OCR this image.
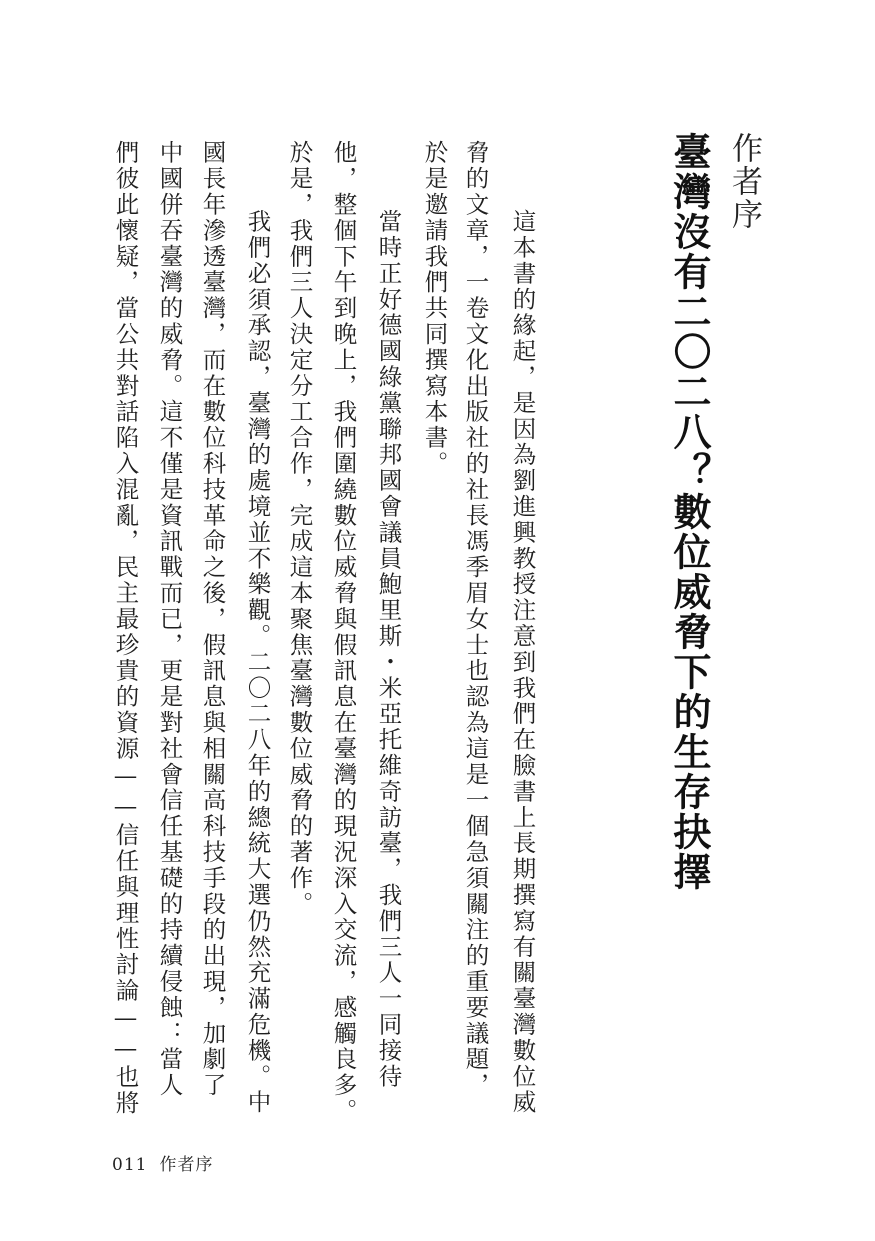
作者序
臺灣沒有二〇二八？數位威脅下的生存抉擇
　這本書的緣起，是因為劉進興教授注意到我們在臉書上長期撰寫有關臺灣數位威
脅的文章，一卷文化出版社的社長馮季眉女士也認為這是一個急須關注的重要議題，
於是邀請我們共同撰寫本書。
　當時正好德國綠黨聯邦國會議員鮑里斯・米亞托維奇訪臺，我們三人一同接待
他，整個下午到晚上，我們圍繞數位威脅與假訊息在臺灣的現況深入交流，感觸良多。
於是，我們三人決定分工合作，完成這本聚焦臺灣數位威脅的著作。
　我們必須承認，臺灣的處境並不樂觀。二〇二八年的總統大選仍然充滿危機。中
國長年滲透臺灣，而在數位科技革命之後，假訊息與相關高科技手段的出現，加劇了
中國併吞臺灣的威脅。這不僅是資訊戰而已，更是對社會信任基礎的持續侵蝕：當人
們彼此懷疑，當公共對話陷入混亂，民主最珍貴的資源——信任與理性討論——也將
011 作者序
